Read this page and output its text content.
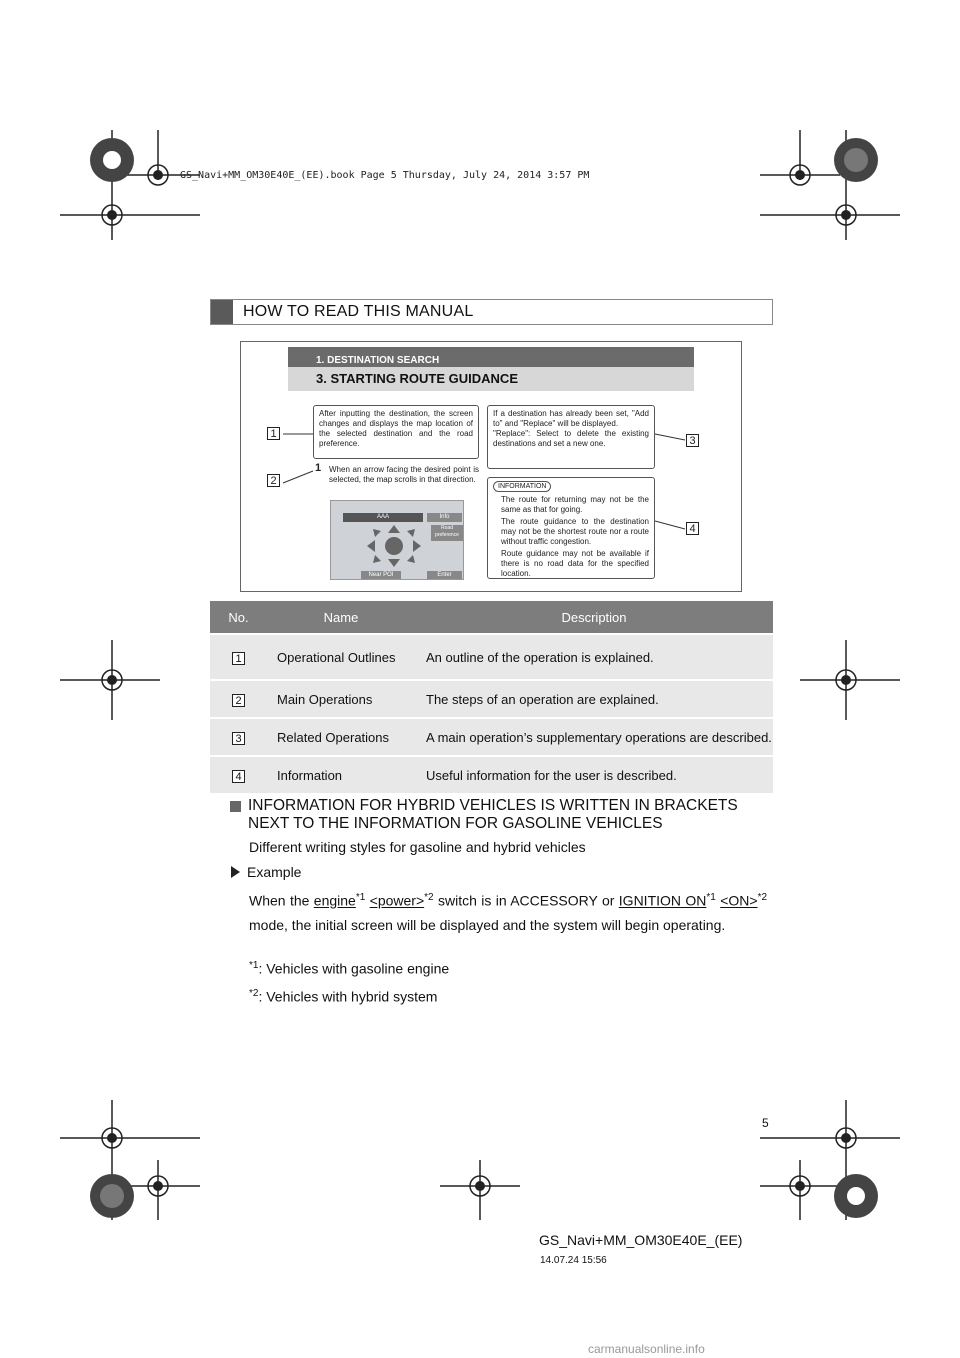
GS_Navi+MM_OM30E40E_(EE).book Page 5 Thursday, July 24, 2014 3:57 PM
HOW TO READ THIS MANUAL
1. DESTINATION SEARCH
3. STARTING ROUTE GUIDANCE
After inputting the destination, the screen changes and displays the map location of the selected destination and the road preference.
1 When an arrow facing the desired point is selected, the map scrolls in that direction.
AAA	Info
Road preference
Near POI	Enter
If a destination has already been set, "Add to" and "Replace" will be displayed.
"Replace": Select to delete the existing destinations and set a new one.
INFORMATION
The route for returning may not be the same as that for going.
The route guidance to the destination may not be the shortest route nor a route without traffic congestion.
Route guidance may not be available if there is no road data for the specified location.
1
2
3
4
No.	Name	Description
1	Operational Outlines	An outline of the operation is explained.
2	Main Operations	The steps of an operation are explained.
3	Related Operations	A main operation’s supplementary operations are described.
4	Information	Useful information for the user is described.
INFORMATION FOR HYBRID VEHICLES IS WRITTEN IN BRACKETS NEXT TO THE INFORMATION FOR GASOLINE VEHICLES
Different writing styles for gasoline and hybrid vehicles
Example
When the engine$^{*1}$ <power>$^{*2}$ switch is in ACCESSORY or IGNITION $ON^{*1} <ON>^{*2}$ mode, the initial screen will be displayed and the system will begin operating.
$^{*1}$: Vehicles with gasoline engine
$^{*2}$: Vehicles with hybrid system
5
GS_Navi+MM_OM30E40E_(EE)
14.07.24 15:56
carmanualsonline.info
